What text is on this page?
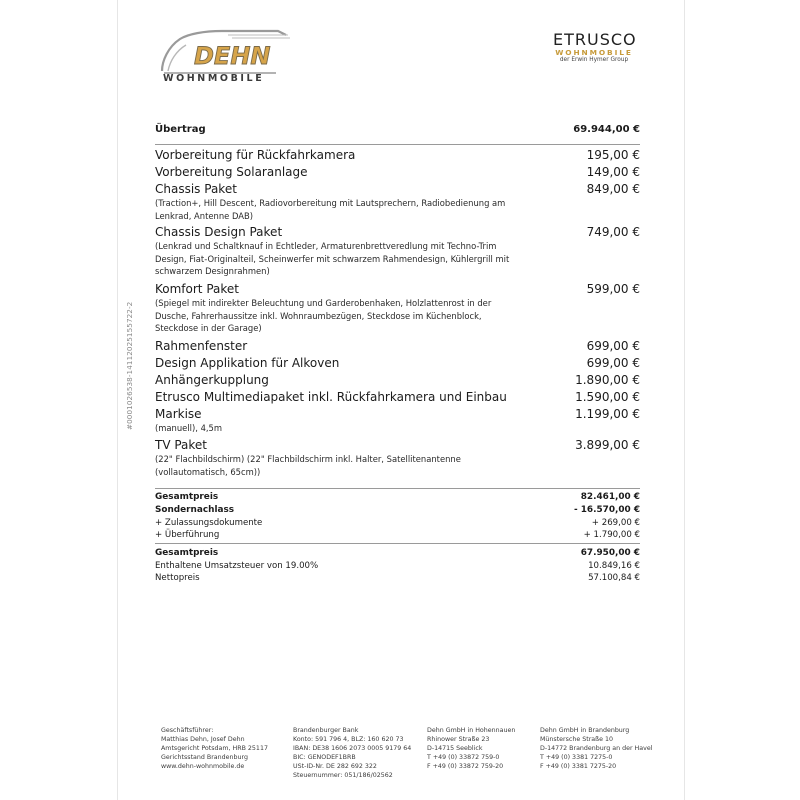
DEHN
WOHNMOBILE
ETRUSCO
WOHNMOBILE
der Erwin Hymer Group
Übertrag	69.944,00 €
Vorbereitung für Rückfahrkamera	195,00 €
Vorbereitung Solaranlage	149,00 €
Chassis Paket	849,00 €
(Traction+, Hill Descent, Radiovorbereitung mit Lautsprechern, Radiobedienung am Lenkrad, Antenne DAB)
Chassis Design Paket	749,00 €
(Lenkrad und Schaltknauf in Echtleder, Armaturenbrettveredlung mit Techno-Trim Design, Fiat-Originalteil, Scheinwerfer mit schwarzem Rahmendesign, Kühlergrill mit schwarzem Designrahmen)
Komfort Paket	599,00 €
(Spiegel mit indirekter Beleuchtung und Garderobenhaken, Holzlattenrost in der Dusche, Fahrerhaussitze inkl. Wohnraumbezügen, Steckdose im Küchenblock, Steckdose in der Garage)
Rahmenfenster	699,00 €
Design Applikation für Alkoven	699,00 €
Anhängerkupplung	1.890,00 €
Etrusco Multimediapaket inkl. Rückfahrkamera und Einbau	1.590,00 €
Markise	1.199,00 €
(manuell), 4,5m
TV Paket	3.899,00 €
(22" Flachbildschirm) (22" Flachbildschirm inkl. Halter, Satellitenantenne (vollautomatisch, 65cm))
Gesamtpreis	82.461,00 €
Sondernachlass	- 16.570,00 €
+ Zulassungsdokumente	+ 269,00 €
+ Überführung	+ 1.790,00 €
Gesamtpreis	67.950,00 €
Enthaltene Umsatzsteuer von 19.00%	10.849,16 €
Nettopreis	57.100,84 €
Geschäftsführer:
Matthias Dehn, Josef Dehn
Amtsgericht Potsdam, HRB 25117
Gerichtsstand Brandenburg
www.dehn-wohnmobile.de
Brandenburger Bank
Konto: 591 796 4, BLZ: 160 620 73
IBAN: DE38 1606 2073 0005 9179 64
BIC: GENODEF1BRB
USt-ID-Nr. DE 282 692 322
Steuernummer: 051/186/02562
Dehn GmbH in Hohennauen
Rhinower Straße 23
D-14715 Seeblick
T +49 (0) 33872 759-0
F +49 (0) 33872 759-20
Dehn GmbH in Brandenburg
Münstersche Straße 10
D-14772 Brandenburg an der Havel
T +49 (0) 3381 7275-0
F +49 (0) 3381 7275-20
